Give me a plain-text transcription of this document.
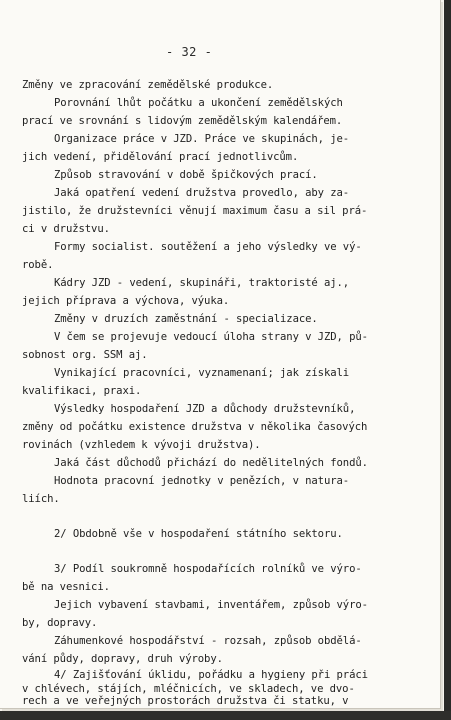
- 32 -
Změny ve zpracování zemědělské produkce.
Porovnání lhůt počátku a ukončení zemědělských
prací ve srovnání s lidovým zemědělským kalendářem.
Organizace práce v JZD. Práce ve skupinách, je-
jich vedení, přidělování prací jednotlivcům.
Způsob stravování v době špičkových prací.
Jaká opatření vedení družstva provedlo, aby za-
jistilo, že družstevníci věnují maximum času a sil prá-
ci v družstvu.
Formy socialist. soutěžení a jeho výsledky ve vý-
robě.
Kádry JZD - vedení, skupináři, traktoristé aj.,
jejich příprava a výchova, výuka.
Změny v druzích zaměstnání - specializace.
V čem se projevuje vedoucí úloha strany v JZD, pů-
sobnost org. SSM aj.
Vynikající pracovníci, vyznamenaní; jak získali
kvalifikaci, praxi.
Výsledky hospodaření JZD a důchody družstevníků,
změny od počátku existence družstva v několika časových
rovinách (vzhledem k vývoji družstva).
Jaká část důchodů přichází do nedělitelných fondů.
Hodnota pracovní jednotky v penězích, v natura-
liích.
2/ Obdobně vše v hospodaření státního sektoru.
3/ Podíl soukromně hospodařících rolníků ve výro-
bě na vesnici.
Jejich vybavení stavbami, inventářem, způsob výro-
by, dopravy.
Záhumenkové hospodářství - rozsah, způsob obdělá-
vání půdy, dopravy, druh výroby.
4/ Zajišťování úklidu, pořádku a hygieny při práci
v chlévech, stájích, mléčnicích, ve skladech, ve dvo-
rech a ve veřejných prostorách družstva či statku, v
